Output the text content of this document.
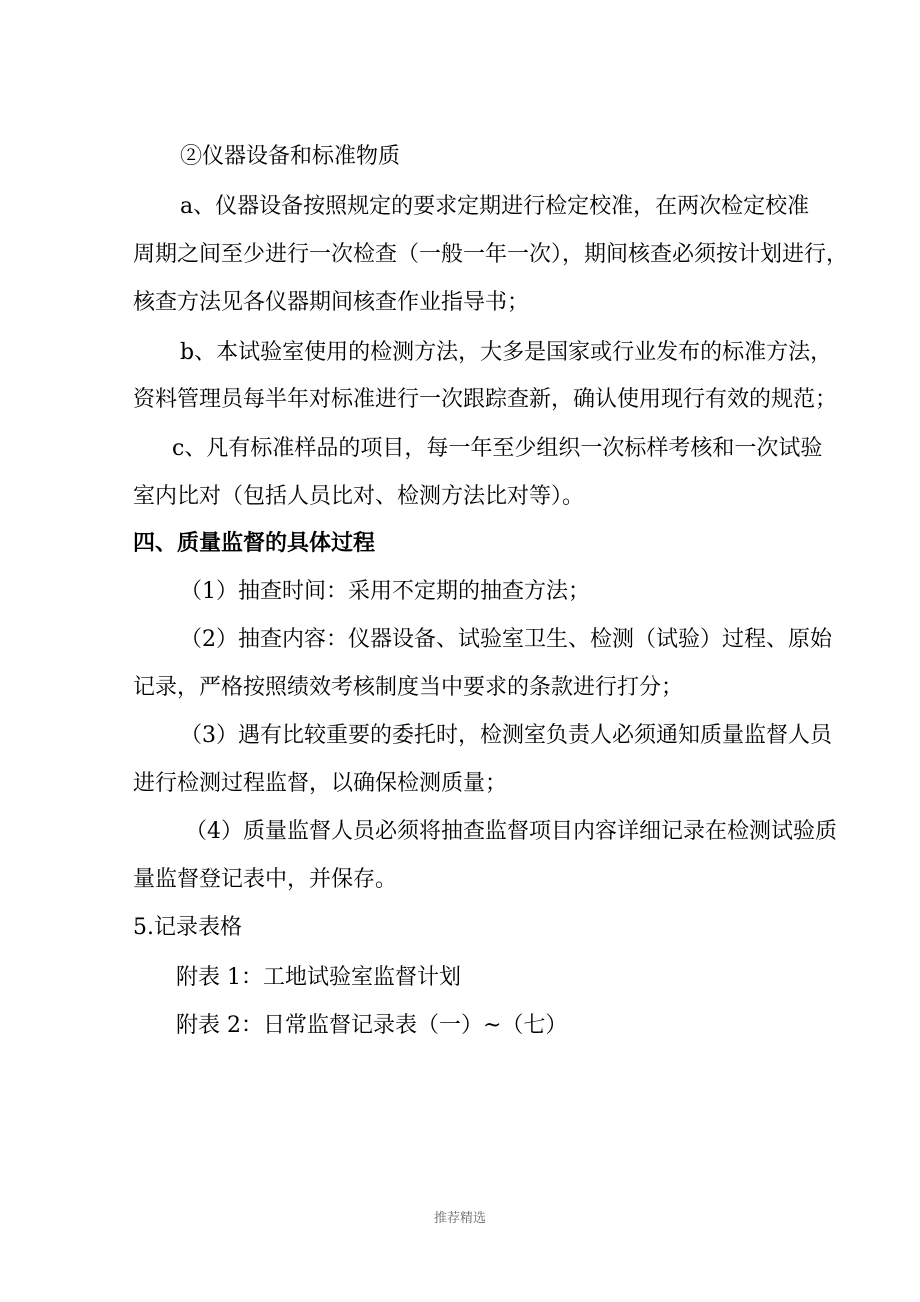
②仪器设备和标准物质
a、仪器设备按照规定的要求定期进行检定校准，在两次检定校准
周期之间至少进行一次检查（一般一年一次），期间核查必须按计划进行，
核查方法见各仪器期间核查作业指导书；
b、本试验室使用的检测方法，大多是国家或行业发布的标准方法，
资料管理员每半年对标准进行一次跟踪查新，确认使用现行有效的规范；
c、凡有标准样品的项目，每一年至少组织一次标样考核和一次试验
室内比对（包括人员比对、检测方法比对等）。
四、质量监督的具体过程
（1）抽查时间：采用不定期的抽查方法；
（2）抽查内容：仪器设备、试验室卫生、检测（试验）过程、原始
记录，严格按照绩效考核制度当中要求的条款进行打分；
（3）遇有比较重要的委托时，检测室负责人必须通知质量监督人员
进行检测过程监督，以确保检测质量；
（4）质量监督人员必须将抽查监督项目内容详细记录在检测试验质
量监督登记表中，并保存。
5.记录表格
附表 1：工地试验室监督计划
附表 2：日常监督记录表（一）~（七）
推荐精选
